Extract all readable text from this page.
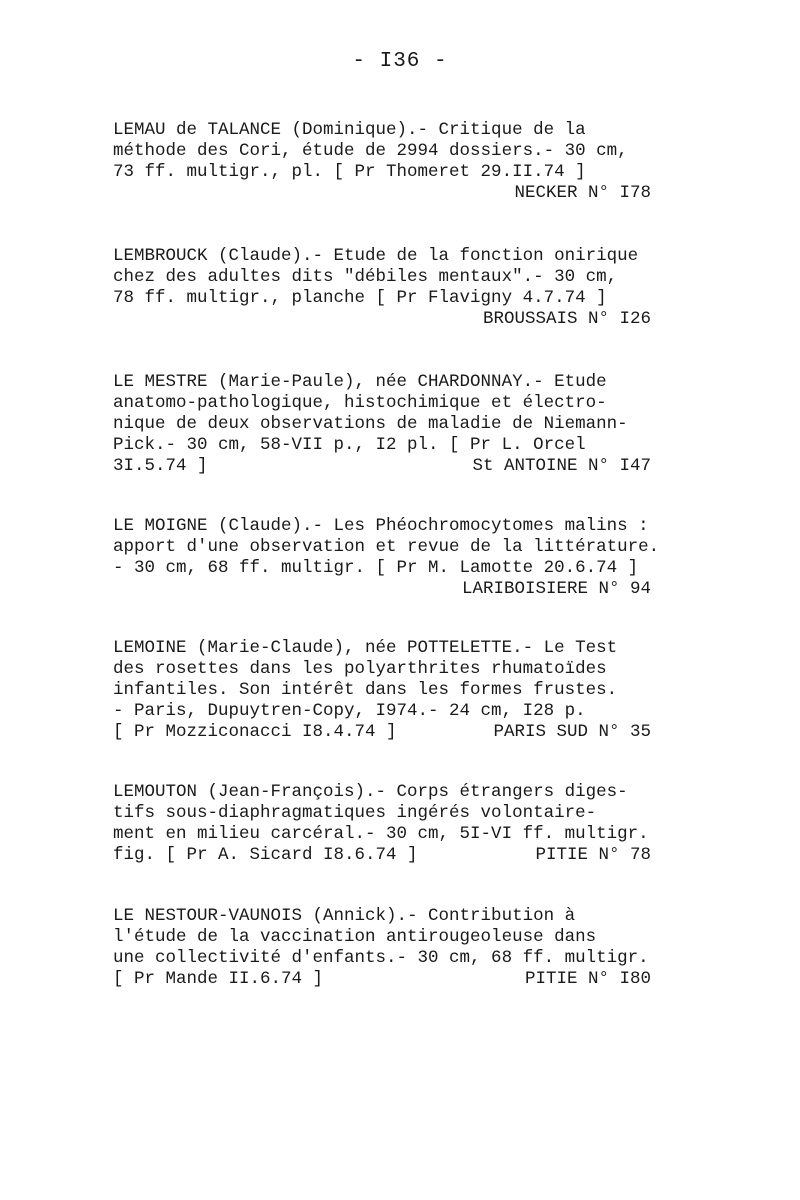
- I36 -
LEMAU de TALANCE (Dominique).- Critique de la
méthode des Cori, étude de 2994 dossiers.- 30 cm,
73 ff. multigr., pl. [ Pr Thomeret 29.II.74 ]

NECKER N° I78

LEMBROUCK (Claude).- Etude de la fonction onirique
chez des adultes dits "débiles mentaux".- 30 cm,
78 ff. multigr., planche [ Pr Flavigny 4.7.74 ]

BROUSSAIS N° I26

LE MESTRE (Marie-Paule), née CHARDONNAY.- Etude
anatomo-pathologique, histochimique et électro-
nique de deux observations de maladie de Niemann-
Pick.- 30 cm, 58-VII p., I2 pl. [ Pr L. Orcel

3I.5.74 ]

	St ANTOINE N° I47

LE MOIGNE (Claude).- Les Phéochromocytomes malins :
apport d'une observation et revue de la littérature.
- 30 cm, 68 ff. multigr. [ Pr M. Lamotte 20.6.74 ]

LARIBOISIERE N° 94

LEMOINE (Marie-Claude), née POTTELETTE.- Le Test
des rosettes dans les polyarthrites rhumatoïdes
infantiles. Son intérêt dans les formes frustes.
- Paris, Dupuytren-Copy, I974.- 24 cm, I28 p.

[ Pr Mozziconacci I8.4.74 ]

	PARIS SUD N° 35

LEMOUTON (Jean-François).- Corps étrangers diges-
tifs sous-diaphragmatiques ingérés volontaire-
ment en milieu carcéral.- 30 cm, 5I-VI ff. multigr.

fig. [ Pr A. Sicard I8.6.74 ]

	PITIE N° 78

LE NESTOUR-VAUNOIS (Annick).- Contribution à
l'étude de la vaccination antirougeoleuse dans
une collectivité d'enfants.- 30 cm, 68 ff. multigr.

[ Pr Mande II.6.74 ]

	PITIE N° I80
